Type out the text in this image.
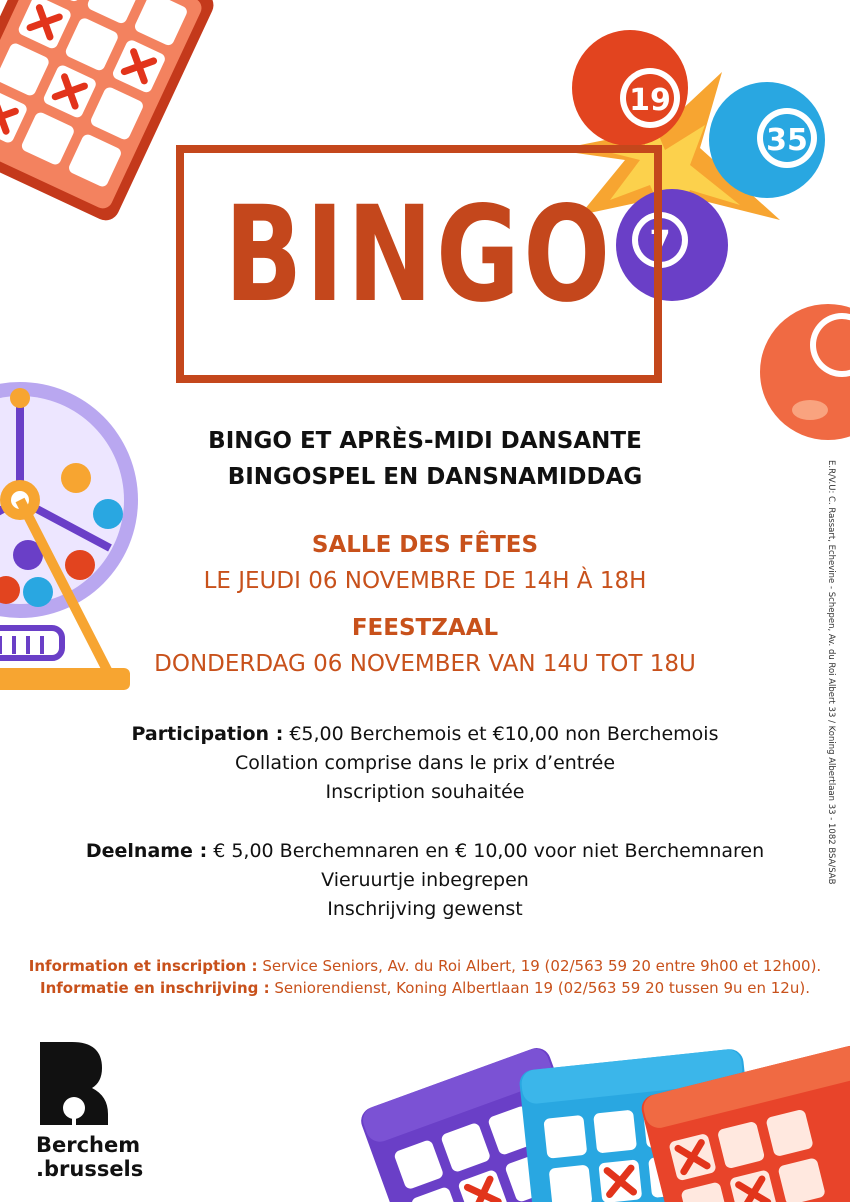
19
35
7
BINGO
BINGO ET APRÈS-MIDI DANSANTE
BINGOSPEL EN DANSNAMIDDAG
SALLE DES FÊTES
LE JEUDI 06 NOVEMBRE DE 14H À 18H
FEESTZAAL
DONDERDAG 06 NOVEMBER VAN 14U TOT 18U
Participation : €5,00 Berchemois et €10,00 non Berchemois
Collation comprise dans le prix d’entrée
Inscription souhaitée
Deelname : € 5,00 Berchemnaren en € 10,00 voor niet Berchemnaren
Vieruurtje inbegrepen
Inschrijving gewenst
Information et inscription : Service Seniors, Av. du Roi Albert, 19 (02/563 59 20 entre 9h00 et 12h00).
Informatie en inschrijving : Seniorendienst, Koning Albertlaan 19 (02/563 59 20 tussen 9u en 12u).
E.R/V.U: C. Rassart, Echevine - Schepen, Av. du Roi Albert 33 / Koning Albertlaan 33 - 1082 BSA/SAB
Berchem
.brussels
